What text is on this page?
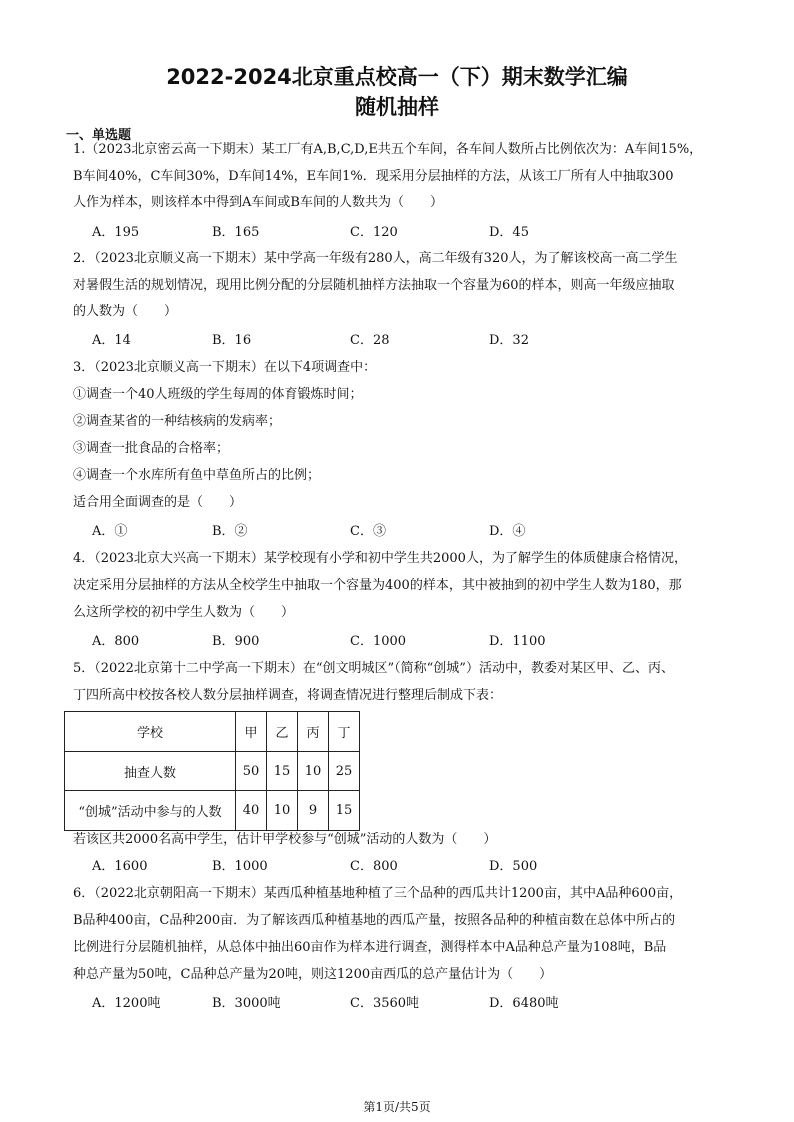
2022-2024北京重点校高一（下）期末数学汇编
随机抽样
一、单选题
1.（2023北京密云高一下期末）某工厂有A,B,C,D,E共五个车间，各车间人数所占比例依次为：A车间15%，
B车间40%，C车间30%，D车间14%，E车间1%．现采用分层抽样的方法，从该工厂所有人中抽取300
人作为样本，则该样本中得到A车间或B车间的人数共为（　　）
A．195	B．165	C．120	D．45
2．（2023北京顺义高一下期末）某中学高一年级有280人，高二年级有320人，为了解该校高一高二学生
对暑假生活的规划情况，现用比例分配的分层随机抽样方法抽取一个容量为60的样本，则高一年级应抽取
的人数为（　　）
A．14	B．16	C．28	D．32
3．（2023北京顺义高一下期末）在以下4项调查中：
①调查一个40人班级的学生每周的体育锻炼时间；
②调查某省的一种结核病的发病率；
③调查一批食品的合格率；
④调查一个水库所有鱼中草鱼所占的比例；
适合用全面调查的是（　　）
A．①	B．②	C．③	D．④
4．（2023北京大兴高一下期末）某学校现有小学和初中学生共2000人，为了解学生的体质健康合格情况，
决定采用分层抽样的方法从全校学生中抽取一个容量为400的样本，其中被抽到的初中学生人数为180，那
么这所学校的初中学生人数为（　　）
A．800	B．900	C．1000	D．1100
5．（2022北京第十二中学高一下期末）在“创文明城区”（简称“创城”）活动中，教委对某区甲、乙、丙、
丁四所高中校按各校人数分层抽样调查，将调查情况进行整理后制成下表：
学校	甲	乙	丙	丁
抽查人数	50	15	10	25
“创城”活动中参与的人数	40	10	9	15
若该区共2000名高中学生，估计甲学校参与“创城”活动的人数为（　　）
A．1600	B．1000	C．800	D．500
6．（2022北京朝阳高一下期末）某西瓜种植基地种植了三个品种的西瓜共计1200亩，其中A品种600亩，
B品种400亩，C品种200亩．为了解该西瓜种植基地的西瓜产量，按照各品种的种植亩数在总体中所占的
比例进行分层随机抽样，从总体中抽出60亩作为样本进行调查，测得样本中A品种总产量为108吨，B品
种总产量为50吨，C品种总产量为20吨，则这1200亩西瓜的总产量估计为（　　）
A．1200吨	B．3000吨	C．3560吨	D．6480吨
第1页/共5页
